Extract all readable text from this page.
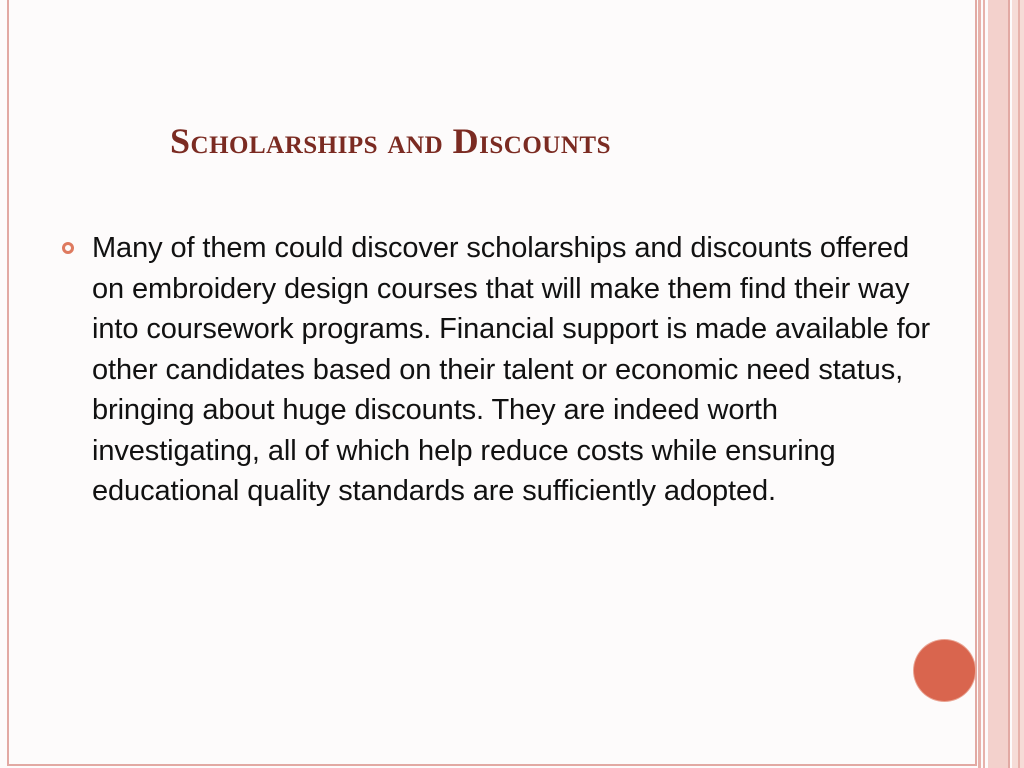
Scholarships and Discounts
Many of them could discover scholarships and discounts offered on embroidery design courses that will make them find their way into coursework programs. Financial support is made available for other candidates based on their talent or economic need status, bringing about huge discounts. They are indeed worth investigating, all of which help reduce costs while ensuring educational quality standards are sufficiently adopted.
